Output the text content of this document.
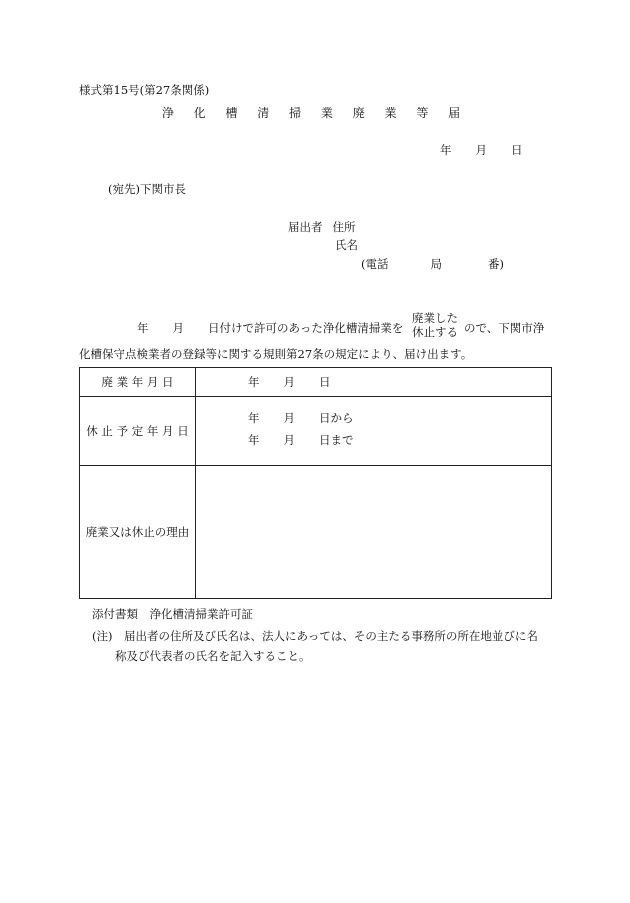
様式第15号(第27条関係)
浄 化 槽 清 掃 業 廃 業 等 届
年 月 日
(宛先)下関市長
届出者 住所
氏名
(電話	局	番)
年 月 日付けで許可のあった浄化槽清掃業を
廃業した
休止する ので、下関市浄
化槽保守点検業者の登録等に関する規則第27条の規定により、届け出ます。
廃 業 年 月 日	年 月 日

休 止 予 定 年 月 日	年 月 日から
年 月 日まで

廃業又は休止の理由	
添付書類　浄化槽清掃業許可証
(注)　届出者の住所及び氏名は、法人にあっては、その主たる事務所の所在地並びに名
称及び代表者の氏名を記入すること。
